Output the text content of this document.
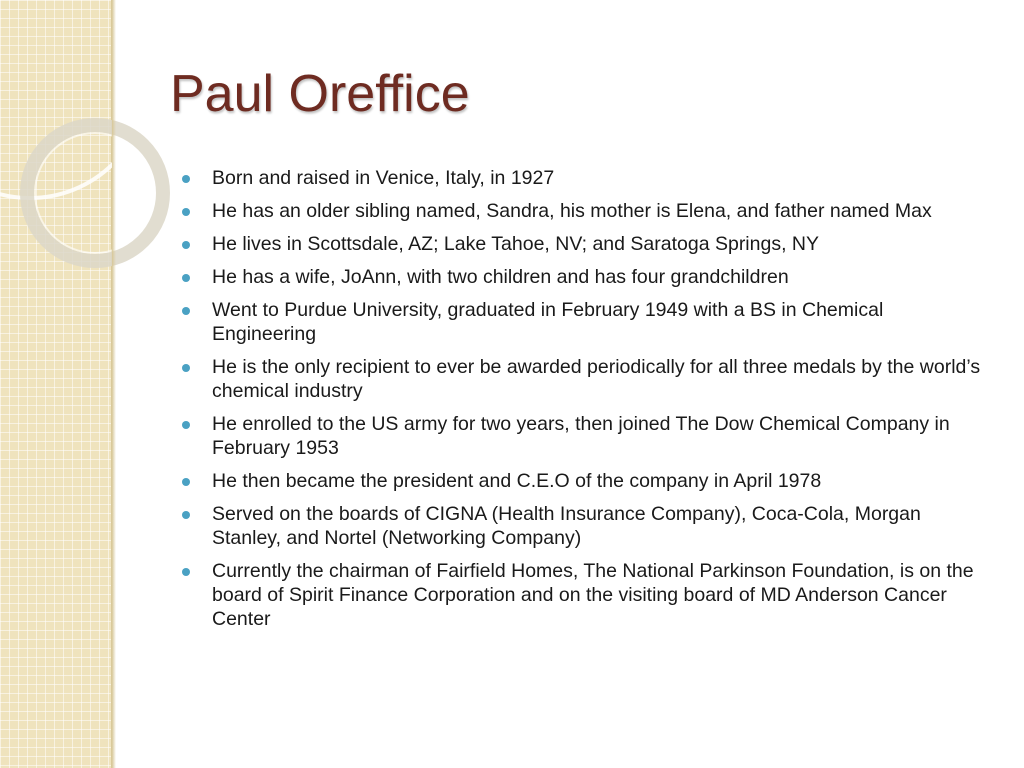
Paul Oreffice
Born and raised in Venice, Italy, in 1927
He has an older sibling named, Sandra, his mother is Elena, and father named Max
He lives in Scottsdale, AZ; Lake Tahoe, NV; and Saratoga Springs, NY
He has a wife, JoAnn, with two children and has four grandchildren
Went to Purdue University, graduated in February 1949 with a BS in Chemical Engineering
He is the only recipient to ever be awarded periodically for all three medals by the world’s chemical industry
He enrolled to the US army for two years, then joined The Dow Chemical Company in February 1953
He then became the president and C.E.O of the company in April 1978
Served on the boards of CIGNA (Health Insurance Company), Coca-Cola, Morgan Stanley, and Nortel (Networking Company)
Currently the chairman of Fairfield Homes, The National Parkinson Foundation, is on the board of Spirit Finance Corporation and on the visiting board of MD Anderson Cancer Center
